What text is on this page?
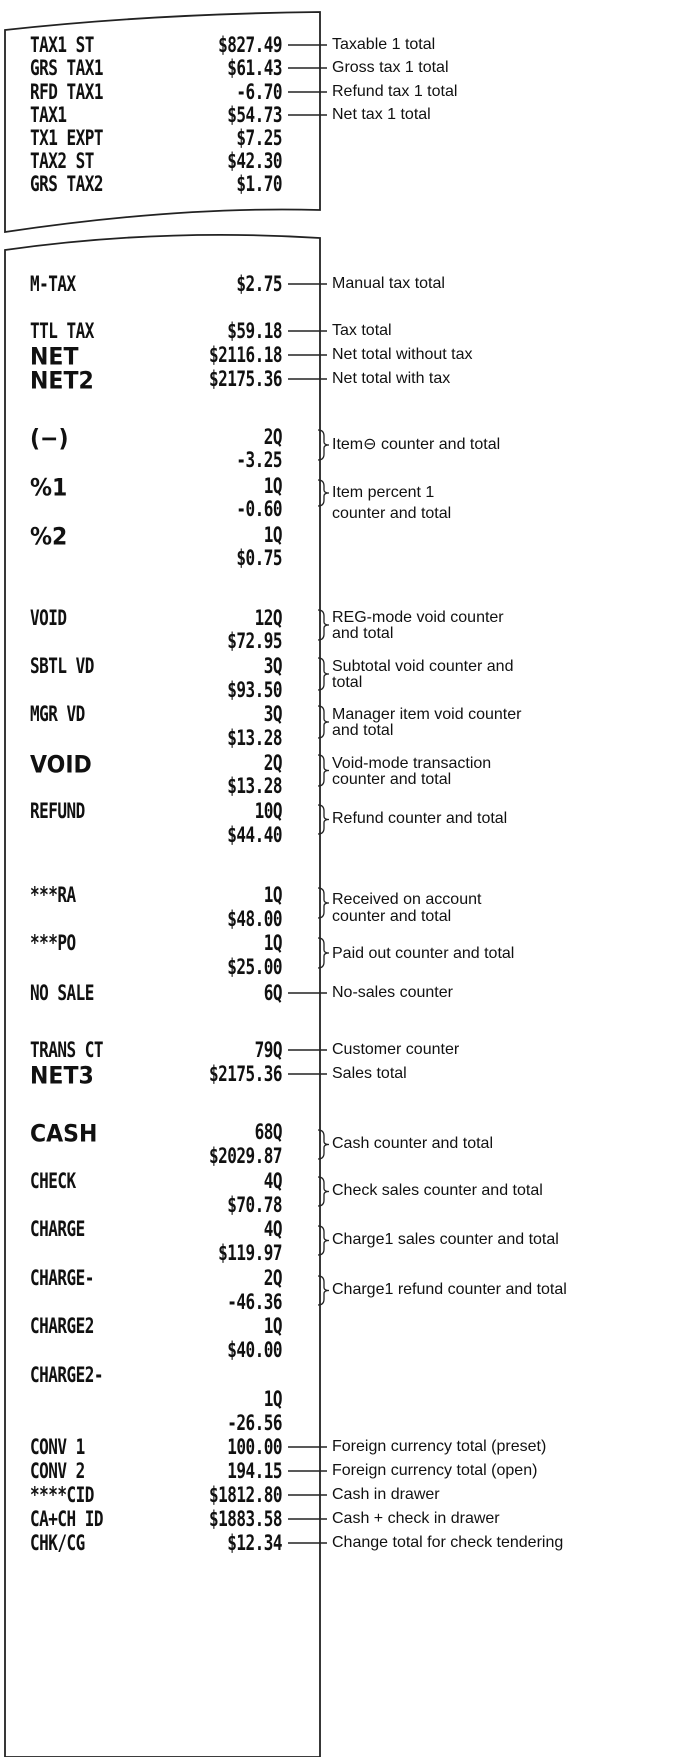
TAX1 ST	$827.49
GRS TAX1	$61.43
RFD TAX1	-6.70
TAX1	$54.73
TX1 EXPT	$7.25
TAX2 ST	$42.30
GRS TAX2	$1.70
Taxable 1 total
Gross tax 1 total
Refund tax 1 total
Net tax 1 total
M-TAX	$2.75
TTL TAX	$59.18
NET	$2116.18
NET2	$2175.36
(−)	2Q
-3.25
%1	1Q
-0.60
%2	1Q
$0.75
VOID	12Q
$72.95
SBTL VD	3Q
$93.50
MGR VD	3Q
$13.28
VOID	2Q
$13.28
REFUND	10Q
$44.40
***RA	1Q
$48.00
***PO	1Q
$25.00
NO SALE	6Q
TRANS CT	79Q
NET3	$2175.36
CASH	68Q
$2029.87
CHECK	4Q
$70.78
CHARGE	4Q
$119.97
CHARGE-	2Q
-46.36
CHARGE2	1Q
$40.00
CHARGE2-
1Q
-26.56
CONV 1	100.00
CONV 2	194.15
****CID	$1812.80
CA+CH ID	$1883.58
CHK/CG	$12.34
Manual tax total
Tax total
Net total without tax
Net total with tax
Item⊖ counter and total
Item percent 1
counter and total
REG-mode void counter
and total
Subtotal void counter and
total
Manager item void counter
and total
Void-mode transaction
counter and total
Refund counter and total
Received on account
counter and total
Paid out counter and total
No-sales counter
Customer counter
Sales total
Cash counter and total
Check sales counter and total
Charge1 sales counter and total
Charge1 refund counter and total
Foreign currency total (preset)
Foreign currency total (open)
Cash in drawer
Cash + check in drawer
Change total for check tendering
